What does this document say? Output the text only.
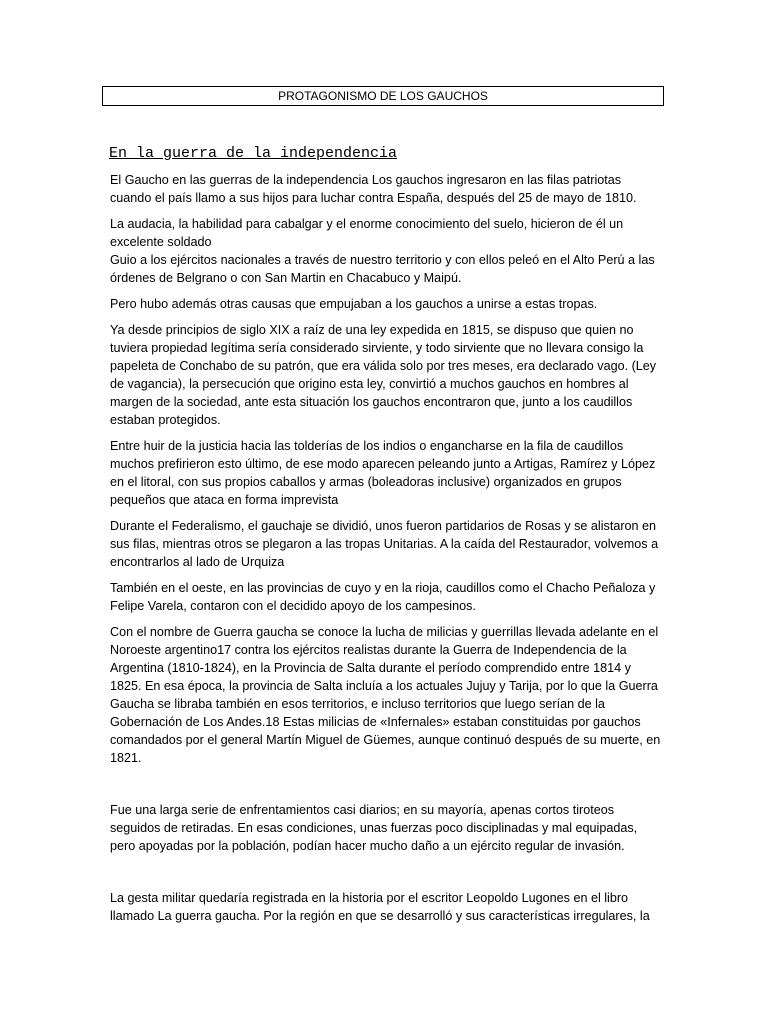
PROTAGONISMO DE LOS GAUCHOS
En la guerra de la independencia

El Gaucho en las guerras de la independencia Los gauchos ingresaron en las filas patriotas cuando el país llamo a sus hijos para luchar contra España, después del 25 de mayo de 1810.

La audacia, la habilidad para cabalgar y el enorme conocimiento del suelo, hicieron de él un excelente soldado

Guio a los ejércitos nacionales a través de nuestro territorio y con ellos peleó en el Alto Perú a las órdenes de Belgrano o con San Martin en Chacabuco y Maipú.

Pero hubo además otras causas que empujaban a los gauchos a unirse a estas tropas.

Ya desde principios de siglo XIX a raíz de una ley expedida en 1815, se dispuso que quien no tuviera propiedad legítima sería considerado sirviente, y todo sirviente que no llevara consigo la papeleta de Conchabo de su patrón, que era válida solo por tres meses, era declarado vago. (Ley de vagancia), la persecución que origino esta ley, convirtió a muchos gauchos en hombres al margen de la sociedad, ante esta situación los gauchos encontraron que, junto a los caudillos estaban protegidos.

Entre huir de la justicia hacia las tolderías de los indios o engancharse en la fila de caudillos muchos prefirieron esto último, de ese modo aparecen peleando junto a Artigas, Ramírez y López en el litoral, con sus propios caballos y armas (boleadoras inclusive) organizados en grupos pequeños que ataca en forma imprevista

Durante el Federalismo, el gauchaje se dividió, unos fueron partidarios de Rosas y se alistaron en sus filas, mientras otros se plegaron a las tropas Unitarias. A la caída del Restaurador, volvemos a encontrarlos al lado de Urquiza

También en el oeste, en las provincias de cuyo y en la rioja, caudillos como el Chacho Peñaloza y Felipe Varela, contaron con el decidido apoyo de los campesinos.

Con el nombre de Guerra gaucha se conoce la lucha de milicias y guerrillas llevada adelante en el Noroeste argentino17 contra los ejércitos realistas durante la Guerra de Independencia de la Argentina (1810-1824), en la Provincia de Salta durante el período comprendido entre 1814 y 1825. En esa época, la provincia de Salta incluía a los actuales Jujuy y Tarija, por lo que la Guerra Gaucha se libraba también en esos territorios, e incluso territorios que luego serían de la Gobernación de Los Andes.18 Estas milicias de «Infernales» estaban constituidas por gauchos comandados por el general Martín Miguel de Güemes, aunque continuó después de su muerte, en 1821.

Fue una larga serie de enfrentamientos casi diarios; en su mayoría, apenas cortos tiroteos seguidos de retiradas. En esas condiciones, unas fuerzas poco disciplinadas y mal equipadas, pero apoyadas por la población, podían hacer mucho daño a un ejército regular de invasión.

La gesta militar quedaría registrada en la historia por el escritor Leopoldo Lugones en el libro llamado La guerra gaucha. Por la región en que se desarrolló y sus características irregulares, la
